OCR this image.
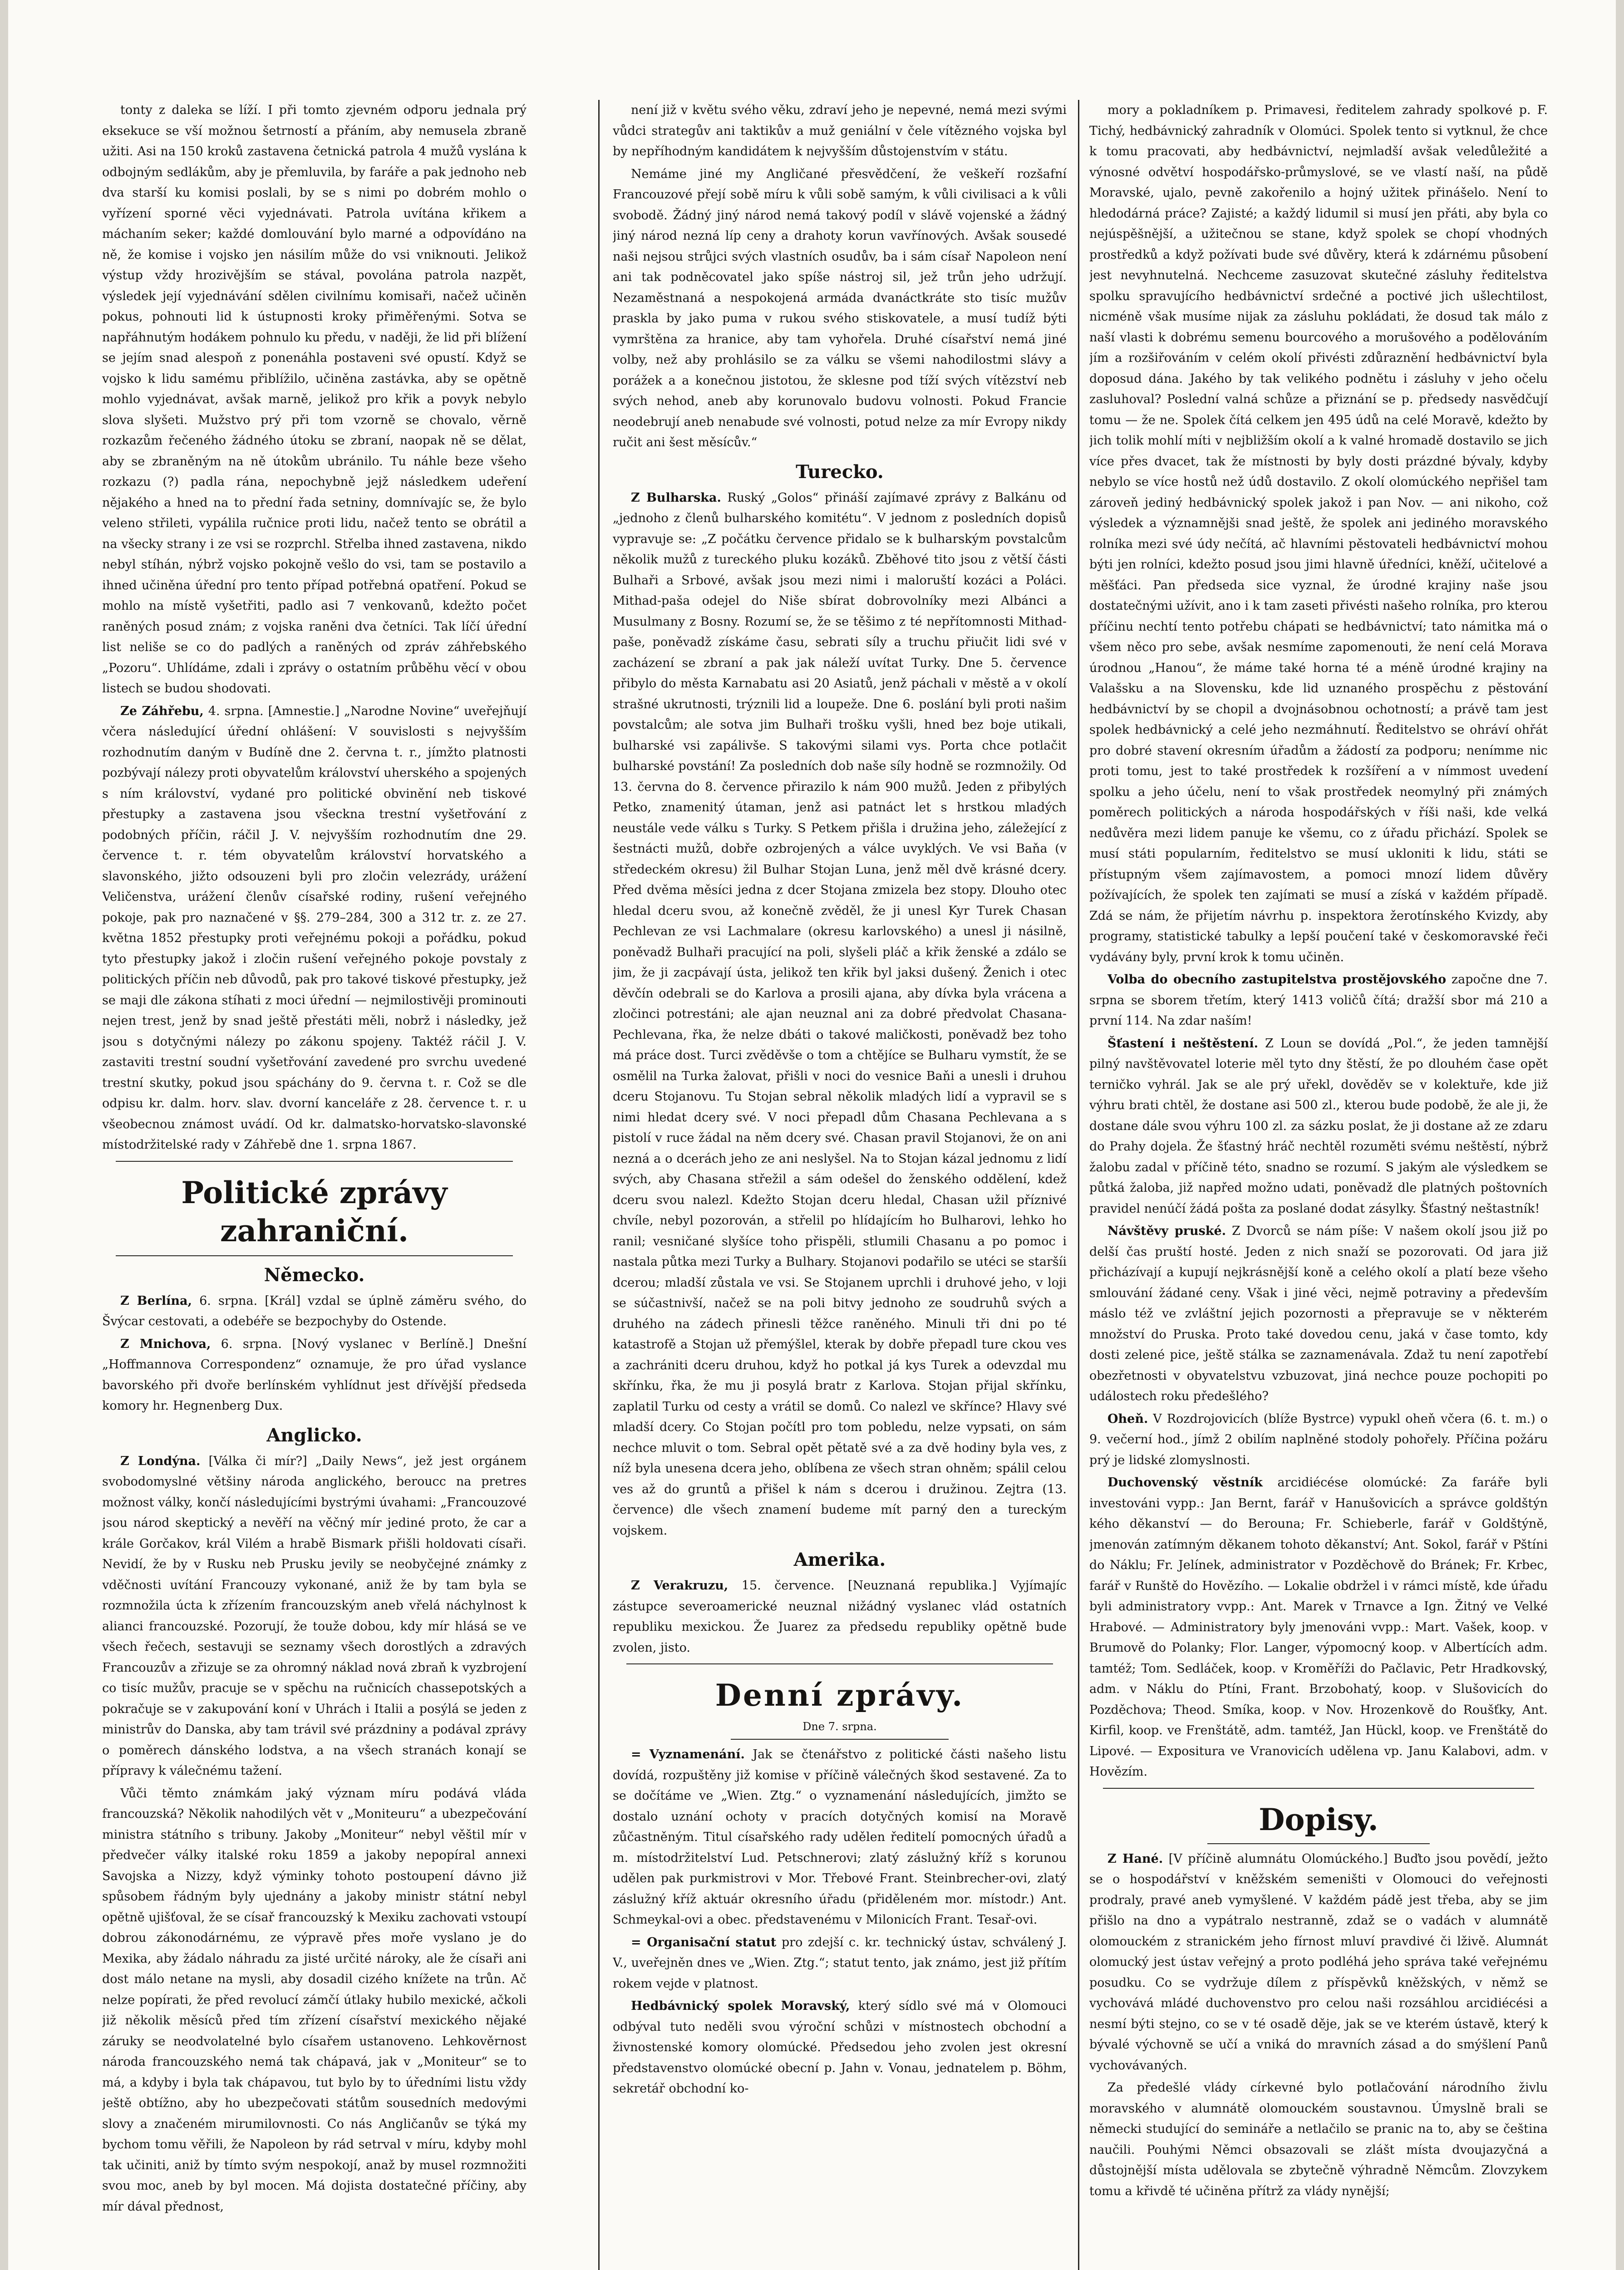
tonty z daleka se líží. I při tomto zjevném odporu jednala prý eksekuce se vší možnou šetrností a přáním, aby nemusela zbraně užiti. Asi na 150 kroků zastavena četnická patrola 4 mužů vyslána k odbojným sedlákům, aby je přemluvila, by faráře a pak jednoho neb dva starší ku komisi poslali, by se s nimi po dobrém mohlo o vyřízení sporné věci vyjednávati. Patrola uvítána křikem a máchaním seker; každé domlouvání bylo marné a odpovídáno na ně, že komise i vojsko jen násilím může do vsi vniknouti. Jelikož výstup vždy hrozivějším se stával, povolána patrola nazpět, výsledek její vyjednávání sdělen civilnímu komisaři, načež učiněn pokus, pohnouti lid k ústupnosti kroky přiměřenými. Sotva se napřáhnutým hodákem pohnulo ku předu, v naději, že lid při blížení se jejím snad alespoň z ponenáhla postaveni své opustí. Když se vojsko k lidu samému přiblížilo, učiněna zastávka, aby se opětně mohlo vyjednávat, avšak marně, jelikož pro křik a povyk nebylo slova slyšeti. Mužstvo prý při tom vzorně se chovalo, věrně rozkazům řečeného žádného útoku se zbraní, naopak ně se dělat, aby se zbraněným na ně útokům ubránilo. Tu náhle beze všeho rozkazu (?) padla rána, nepochybně jejž následkem udeření nějakého a hned na to přední řada setniny, domnívajíc se, že bylo veleno střileti, vypálila ručnice proti lidu, načež tento se obrátil a na všecky strany i ze vsi se rozprchl. Střelba ihned zastavena, nikdo nebyl stíhán, nýbrž vojsko pokojně vešlo do vsi, tam se postavilo a ihned učiněna úřední pro tento případ potřebná opatření. Pokud se mohlo na místě vyšetřiti, padlo asi 7 venkovanů, kdežto počet raněných posud znám; z vojska raněni dva četníci. Tak líčí úřední list neliše se co do padlých a raněných od zpráv záhřebského „Pozoru“. Uhlídáme, zdali i zprávy o ostatním průběhu věcí v obou listech se budou shodovati.

Ze Záhřebu, 4. srpna. [Amnestie.] „Narodne Novine“ uveřejňují včera následující úřední ohlášení: V souvislosti s nejvyšším rozhodnutím daným v Budíně dne 2. června t. r., jímžto platnosti pozbývají nálezy proti obyvatelům království uherského a spojených s ním království, vydané pro politické obvinění neb tiskové přestupky a zastavena jsou všeckna trestní vyšetřování z podobných příčin, ráčil J. V. nejvyšším rozhodnutím dne 29. července t. r. tém obyvatelům království horvatského a slavonského, jižto odsouzeni byli pro zločin velezrády, urážení Veličenstva, urážení členův císařské rodiny, rušení veřejného pokoje, pak pro naznačené v §§. 279–284, 300 a 312 tr. z. ze 27. května 1852 přestupky proti veřejnému pokoji a pořádku, pokud tyto přestupky jakož i zločin rušení veřejného pokoje povstaly z politických příčin neb důvodů, pak pro takové tiskové přestupky, jež se maji dle zákona stíhati z moci úřední — nejmilostivěji prominouti nejen trest, jenž by snad ještě přestáti měli, nobrž i následky, jež jsou s dotyčnými nálezy po zákonu spojeny. Taktéž ráčil J. V. zastaviti trestní soudní vyšetřování zavedené pro svrchu uvedené trestní skutky, pokud jsou spáchány do 9. června t. r. Což se dle odpisu kr. dalm. horv. slav. dvorní kanceláře z 28. července t. r. u všeobecnou známost uvádí. Od kr. dalmatsko-horvatsko-slavonské místodržitelské rady v Záhřebě dne 1. srpna 1867.

Politické zprávy zahraniční.
Německo.

Z Berlína, 6. srpna. [Král] vzdal se úplně záměru svého, do Švýcar cestovati, a odebéře se bezpochyby do Ostende.

Z Mnichova, 6. srpna. [Nový vyslanec v Berlíně.] Dnešní „Hoffmannova Correspondenz“ oznamuje, že pro úřad vyslance bavorského při dvoře berlínském vyhlídnut jest dřívější předseda komory hr. Hegnenberg Dux.

Anglicko.

Z Londýna. [Válka či mír?] „Daily News“, jež jest orgánem svobodomyslné většiny národa anglického, beroucc na pretres možnost války, končí následujícími bystrými úvahami: „Francouzové jsou národ skeptický a nevěří na věčný mír jediné proto, že car a krále Gorčakov, král Vilém a hrabě Bismark přišli holdovati císaři. Nevidí, že by v Rusku neb Prusku jevily se neobyčejné známky z vděčnosti uvítání Francouzy vykonané, aniž že by tam byla se rozmnožila úcta k zřízením francouzským aneb vřelá náchylnost k alianci francouzské. Pozorují, že touže dobou, kdy mír hlásá se ve všech řečech, sestavuji se seznamy všech dorostlých a zdravých Francouzův a zřizuje se za ohromný náklad nová zbraň k vyzbrojení co tisíc mužův, pracuje se v spěchu na ručnicích chassepotských a pokračuje se v zakupování koní v Uhrách i Italii a posýlá se jeden z ministrův do Danska, aby tam trávil své prázdniny a podával zprávy o poměrech dánského lodstva, a na všech stranách konají se přípravy k válečnému tažení.

Vůči těmto známkám jaký význam míru podává vláda francouzská? Několik nahodilých vět v „Moniteuru“ a ubezpečování ministra státního s tribuny. Jakoby „Moniteur“ nebyl věštil mír v předvečer války italské roku 1859 a jakoby nepopíral annexi Savojska a Nizzy, když výminky tohoto postoupení dávno již spůsobem řádným byly ujednány a jakoby ministr státní nebyl opětně ujišťoval, že se císař francouzský k Mexiku zachovati vstoupí dobrou zákonodárnému, ze výpravě přes moře vyslano je do Mexika, aby žádalo náhradu za jisté určité nároky, ale že císaři ani dost málo netane na mysli, aby dosadil cizého knížete na trůn. Ač nelze popírati, že před revolucí zámčí útlaky hubilo mexické, ačkoli již několik měsíců před tím zřízení císařství mexického nějaké záruky se neodvolatelné bylo císařem ustanoveno. Lehkověrnost národa francouzského nemá tak chápavá, jak v „Moniteur“ se to má, a kdyby i byla tak chápavou, tut bylo by to úředními listu vždy ještě obtížno, aby ho ubezpečovati státům sousedních medovými slovy a značeném mirumilovnosti. Co nás Angličanův se týká my bychom tomu věřili, že Napoleon by rád setrval v míru, kdyby mohl tak učiniti, aniž by tímto svým nespokojí, anaž by musel rozmnožiti svou moc, aneb by byl mocen. Má dojista dostatečné příčiny, aby mír dával přednost,

není již v květu svého věku, zdraví jeho je nepevné, nemá mezi svými vůdci strategův ani taktikův a muž geniální v čele vítězného vojska byl by nepříhodným kandidátem k nejvyšším důstojenstvím v státu.

Nemáme jiné my Angličané přesvědčení, že veškeří rozšafní Francouzové přejí sobě míru k vůli sobě samým, k vůli civilisaci a k vůli svobodě. Žádný jiný národ nemá takový podíl v slávě vojenské a žádný jiný národ nezná líp ceny a drahoty korun vavřínových. Avšak sousedé naši nejsou strůjci svých vlastních osudův, ba i sám císař Napoleon není ani tak podněcovatel jako spíše nástroj sil, jež trůn jeho udržují. Nezaměstnaná a nespokojená armáda dvanáctkráte sto tisíc mužův praskla by jako puma v rukou svého stiskovatele, a musí tudíž býti vymrštěna za hranice, aby tam vyhořela. Druhé císařství nemá jiné volby, než aby prohlásilo se za válku se všemi nahodilostmi slávy a porážek a a konečnou jistotou, že sklesne pod tíží svých vítězství neb svých nehod, aneb aby korunovalo budovu volnosti. Pokud Francie neodebrují aneb nenabude své volnosti, potud nelze za mír Evropy nikdy ručit ani šest měsícův.“

Turecko.

Z Bulharska. Ruský „Golos“ přináší zajímavé zprávy z Balkánu od „jednoho z členů bulharského komitétu“. V jednom z posledních dopisů vypravuje se: „Z počátku července přidalo se k bulharským povstalcům několik mužů z tureckého pluku kozáků. Zběhové tito jsou z větší části Bulhaři a Srbové, avšak jsou mezi nimi i maloruští kozáci a Poláci. Mithad-paša odejel do Niše sbírat dobrovolníky mezi Albánci a Musulmany z Bosny. Rozumí se, že se těšimo z té nepřítomnosti Mithad-paše, poněvadž získáme času, sebrati síly a truchu přiučit lidi své v zacházení se zbraní a pak jak náleží uvítat Turky. Dne 5. července přibylo do města Karnabatu asi 20 Asiatů, jenž páchali v městě a v okolí strašné ukrutnosti, trýznili lid a loupeže. Dne 6. poslání byli proti našim povstalcům; ale sotva jim Bulhaři trošku vyšli, hned bez boje utikali, bulharské vsi zapálivše. S takovými silami vys. Porta chce potlačit bulharské povstání! Za posledních dob naše síly hodně se rozmnožily. Od 13. června do 8. července přirazilo k nám 900 mužů. Jeden z přibylých Petko, znamenitý útaman, jenž asi patnáct let s hrstkou mladých neustále vede válku s Turky. S Petkem přišla i družina jeho, záležející z šestnácti mužů, dobře ozbrojených a válce uvyklých. Ve vsi Baňa (v středeckém okresu) žil Bulhar Stojan Luna, jenž měl dvě krásné dcery. Před dvěma měsíci jedna z dcer Stojana zmizela bez stopy. Dlouho otec hledal dceru svou, až konečně zvěděl, že ji unesl Kyr Turek Chasan Pechlevan ze vsi Lachmalare (okresu karlovského) a unesl ji násilně, poněvadž Bulhaři pracující na poli, slyšeli pláč a křik ženské a zdálo se jim, že ji zacpávají ústa, jelikož ten křik byl jaksi dušený. Ženich i otec děvčín odebrali se do Karlova a prosili ajana, aby dívka byla vrácena a zločinci potrestáni; ale ajan neuznal ani za dobré předvolat Chasana-Pechlevana, řka, že nelze dbáti o takové maličkosti, poněvadž bez toho má práce dost. Turci zvěděvše o tom a chtějíce se Bulharu vymstít, že se osmělil na Turka žalovat, přišli v noci do vesnice Baňi a unesli i druhou dceru Stojanovu. Tu Stojan sebral několik mladých lidí a vypravil se s nimi hledat dcery své. V noci přepadl dům Chasana Pechlevana a s pistolí v ruce žádal na něm dcery své. Chasan pravil Stojanovi, že on ani nezná a o dcerách jeho ze ani neslyšel. Na to Stojan kázal jednomu z lidí svých, aby Chasana střežil a sám odešel do ženského oddělení, kdež dceru svou nalezl. Kdežto Stojan dceru hledal, Chasan užil příznivé chvíle, nebyl pozorován, a střelil po hlídajícím ho Bulharovi, lehko ho ranil; vesničané slyšíce toho přispěli, stlumili Chasanu a po pomoc i nastala půtka mezi Turky a Bulhary. Stojanovi podařilo se utéci se staršíi dcerou; mladší zůstala ve vsi. Se Stojanem uprchli i druhové jeho, v loji se súčastnivší, načež se na poli bitvy jednoho ze soudruhů svých a druhého na zádech přinesli těžce raněného. Minuli tři dni po té katastrofě a Stojan už přemýšlel, kterak by dobře přepadl ture ckou ves a zachrániti dceru druhou, když ho potkal já kys Turek a odevzdal mu skřínku, řka, že mu ji posylá bratr z Karlova. Stojan přijal skřínku, zaplatil Turku od cesty a vrátil se domů. Co nalezl ve skřínce? Hlavy své mladší dcery. Co Stojan počítl pro tom pobledu, nelze vypsati, on sám nechce mluvit o tom. Sebral opět pětatě své a za dvě hodiny byla ves, z níž byla unesena dcera jeho, oblíbena ze všech stran ohněm; spálil celou ves až do gruntů a přišel k nám s dcerou i družinou. Zejtra (13. července) dle všech znamení budeme mít parný den a tureckým vojskem.

Amerika.

Z Verakruzu, 15. července. [Neuznaná republika.] Vyjímajíc zástupce severoamerické neuznal nižádný vyslanec vlád ostatních republiku mexickou. Že Juarez za předsedu republiky opětně bude zvolen, jisto.

Denní zprávy.
Dne 7. srpna.

= Vyznamenání. Jak se čtenářstvo z politické části našeho listu dovídá, rozpuštěny již komise v příčině válečných škod sestavené. Za to se dočítáme ve „Wien. Ztg.“ o vyznamenání následujících, jimžto se dostalo uznání ochoty v pracích dotyčných komisí na Moravě zůčastněným. Titul císařského rady udělen ředitelí pomocných úřadů a m. místodržitelství Lud. Petschnerovi; zlatý záslužný kříž s korunou udělen pak purkmistrovi v Mor. Třebové Frant. Steinbrecher-ovi, zlatý záslužný kříž aktuár okresního úřadu (přiděleném mor. místodr.) Ant. Schmeykal-ovi a obec. představenému v Milonicích Frant. Tesař-ovi.

= Organisační statut pro zdejší c. kr. technický ústav, schválený J. V., uveřejněn dnes ve „Wien. Ztg.“; statut tento, jak známo, jest již přítím rokem vejde v platnost.

Hedbávnický spolek Moravský, který sídlo své má v Olomouci odbýval tuto neděli svou výroční schůzi v místnostech obchodní a živnostenské komory olomúcké. Předsedou jeho zvolen jest okresní představenstvo olomúcké obecní p. Jahn v. Vonau, jednatelem p. Böhm, sekretář obchodní ko-

mory a pokladníkem p. Primavesi, ředitelem zahrady spolkové p. F. Tichý, hedbávnický zahradník v Olomúci. Spolek tento si vytknul, že chce k tomu pracovati, aby hedbávnictví, nejmladší avšak veledůležité a výnosné odvětví hospodářsko-průmyslové, se ve vlastí naší, na půdě Moravské, ujalo, pevně zakořenilo a hojný užitek přinášelo. Není to hledodárná práce? Zajisté; a každý lidumil si musí jen přáti, aby byla co nejúspěšnější, a užitečnou se stane, když spolek se chopí vhodných prostředků a když požívati bude své důvěry, která k zdárnému působení jest nevyhnutelná. Nechceme zasuzovat skutečné zásluhy ředitelstva spolku spravujícího hedbávnictví srdečné a poctivé jich ušlechtilost, nicméně však musíme nijak za zásluhu pokládati, že dosud tak málo z naší vlasti k dobrému semenu bourcového a morušového a podělováním jím a rozšiřováním v celém okolí přivésti zdůraznění hedbávnictví byla doposud dána. Jakého by tak velikého podnětu i zásluhy v jeho očelu zasluhoval? Poslední valná schůze a přiznání se p. předsedy nasvědčují tomu — že ne. Spolek čítá celkem jen 495 údů na celé Moravě, kdežto by jich tolik mohlí míti v nejbližším okolí a k valné hromadě dostavilo se jich více přes dvacet, tak že místnosti by byly dosti prázdné bývaly, kdyby nebylo se více hostů než údů dostavilo. Z okolí olomúckého nepřišel tam zároveň jediný hedbávnický spolek jakož i pan Nov. — ani nikoho, což výsledek a významnějši snad ještě, že spolek ani jediného moravského rolníka mezi své údy nečítá, ač hlavními pěstovateli hedbávnictví mohou býti jen rolníci, kdežto posud jsou jimi hlavně úředníci, kněží, učitelové a měšťáci. Pan předseda sice vyznal, že úrodné krajiny naše jsou dostatečnými užívit, ano i k tam zaseti přivésti našeho rolníka, pro kterou příčinu nechtí tento potřebu chápati se hedbávnictví; tato námitka má o všem něco pro sebe, avšak nesmíme zapomenouti, že není celá Morava úrodnou „Hanou“, že máme také horna té a méně úrodné krajiny na Valašsku a na Slovensku, kde lid uznaného prospěchu z pěstování hedbávnictví by se chopil a dvojnásobnou ochotností; a právě tam jest spolek hedbávnický a celé jeho nezmáhnutí. Ředitelstvo se ohráví ohřát pro dobré stavení okresním úřadům a žádostí za podporu; nenímme nic proti tomu, jest to také prostředek k rozšíření a v nímmost uvedení spolku a jeho účelu, není to však prostředek neomylný při známých poměrech politických a národa hospodářských v říši naši, kde velká nedůvěra mezi lidem panuje ke všemu, co z úřadu přichází. Spolek se musí státi popularním, ředitelstvo se musí ukloniti k lidu, státi se přístupným všem zajímavostem, a pomoci mnozí lidem důvěry požívajících, že spolek ten zajímati se musí a získá v každém případě. Zdá se nám, že přijetím návrhu p. inspektora žerotínského Kvizdy, aby programy, statistické tabulky a lepší poučení také v českomoravské řeči vydávány byly, první krok k tomu učiněn.

Volba do obecního zastupitelstva prostějovského započne dne 7. srpna se sborem třetím, který 1413 voličů čítá; dražší sbor má 210 a první 114. Na zdar naším!

Šťastení i neštěstení. Z Loun se dovídá „Pol.“, že jeden tamnější pilný navštěvovatel loterie měl tyto dny štěstí, že po dlouhém čase opět terničko vyhrál. Jak se ale prý uřekl, dověděv se v kolektuře, kde již výhru brati chtěl, že dostane asi 500 zl., kterou bude podobě, že ale ji, že dostane dále svou výhru 100 zl. za sázku poslat, že ji dostane až ze zdaru do Prahy dojela. Že šťastný hráč nechtěl rozuměti svému neštěstí, nýbrž žalobu zadal v příčině této, snadno se rozumí. S jakým ale výsledkem se půtká žaloba, již napřed možno udati, poněvadž dle platných poštovních pravidel nenúčí žádá pošta za poslané dodat zásylky. Šťastný neštastník!

Návštěvy pruské. Z Dvorců se nám píše: V našem okolí jsou již po delší čas pruští hosté. Jeden z nich snaží se pozorovati. Od jara již přicházívají a kupují nejkrásnější koně a celého okolí a platí beze všeho smlouvání žádané ceny. Však i jiné věci, nejmě potraviny a především máslo též ve zvláštní jejich pozornosti a přepravuje se v některém množství do Pruska. Proto také dovedou cenu, jaká v čase tomto, kdy dosti zelené pice, ještě stálka se zaznamenávala. Zdaž tu není zapotřebí obezřetnosti v obyvatelstvu vzbuzovat, jiná nechce pouze pochopiti po událostech roku předešlého?

Oheň. V Rozdrojovicích (blíže Bystrce) vypukl oheň včera (6. t. m.) o 9. večerní hod., jímž 2 obilím naplněné stodoly pohořely. Příčina požáru prý je lidské zlomyslnosti.

Duchovenský věstník arcidiécése olomúcké: Za faráře byli investováni vypp.: Jan Bernt, farář v Hanušovicích a správce goldštýn kého děkanství — do Berouna; Fr. Schieberle, farář v Goldštýně, jmenován zatímným děkanem tohoto děkanství; Ant. Sokol, farář v Pštíni do Náklu; Fr. Jelínek, administrator v Pozděchově do Bránek; Fr. Krbec, farář v Runště do Hovězího. — Lokalie obdržel i v rámci místě, kde úřadu byli administratory vvpp.: Ant. Marek v Trnavce a Ign. Žitný ve Velké Hrabové. — Administratory byly jmenováni vvpp.: Mart. Vašek, koop. v Brumově do Polanky; Flor. Langer, výpomocný koop. v Albertících adm. tamtéž; Tom. Sedláček, koop. v Kroměříži do Pačlavic, Petr Hradkovský, adm. v Náklu do Ptíni, Frant. Brzobohatý, koop. v Slušovicích do Pozděchova; Theod. Smíka, koop. v Nov. Hrozenkově do Roušťky, Ant. Kirfil, koop. ve Frenštátě, adm. tamtéž, Jan Hückl, koop. ve Frenštátě do Lipové. — Expositura ve Vranovicích udělena vp. Janu Kalabovi, adm. v Hovězím.

Dopisy.

Z Hané. [V příčině alumnátu Olomúckého.] Buďto jsou povědí, ježto se o hospodářství v kněžském semeništi v Olomouci do veřejnosti prodraly, pravé aneb vymyšlené. V každém pádě jest třeba, aby se jim přišlo na dno a vypátralo nestranně, zdaž se o vadách v alumnátě olomouckém z stranickém jeho fírnost mluví pravdivé či lživě. Alumnát olomucký jest ústav veřejný a proto podléhá jeho správa také veřejnému posudku. Co se vydržuje dílem z příspěvků kněžských, v němž se vychovává mládé duchovenstvo pro celou naši rozsáhlou arcidiécési a nesmí býti stejno, co se v té osadě děje, jak se ve kterém ústavě, který k bývalé výchovně se učí a vniká do mravních zásad a do smýšlení Panů vychovávaných.

Za předešlé vlády církevné bylo potlačování národního živlu moravského v alumnátě olomouckém soustavnou. Úmyslně brali se německi studující do semináře a netlačilo se pranic na to, aby se čeština naučili. Pouhými Němci obsazovali se zlášt místa dvoujazyčná a důstojnější místa udělovala se zbytečně výhradně Němcům. Zlovzykem tomu a křivdě té učiněna přítrž za vlády nynější;
